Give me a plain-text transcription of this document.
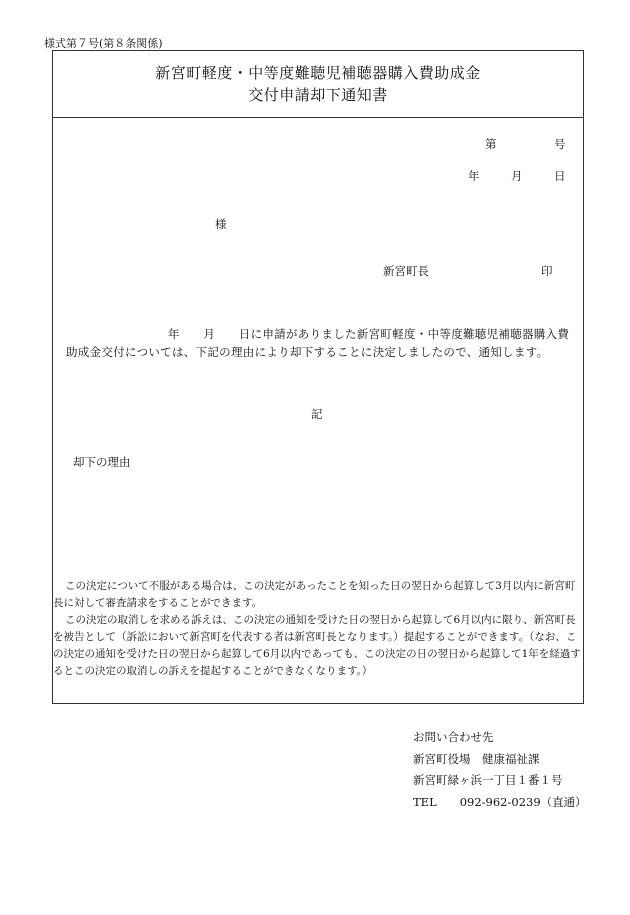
様式第７号(第８条関係)
新宮町軽度・中等度難聴児補聴器購入費助成金
交付申請却下通知書
第	号
年	月	日
様
新宮町長	印
年　　月　　日に申請がありました新宮町軽度・中等度難聴児補聴器購入費助成金交付については、下記の理由により却下することに決定しましたので、通知します。
記
却下の理由
この決定について不服がある場合は、この決定があったことを知った日の翌日から起算して3月以内に新宮町長に対して審査請求をすることができます。
この決定の取消しを求める訴えは、この決定の通知を受けた日の翌日から起算して6月以内に限り、新宮町長を被告として（訴訟において新宮町を代表する者は新宮町長となります。）提起することができます。（なお、この決定の通知を受けた日の翌日から起算して6月以内であっても、この決定の日の翌日から起算して1年を経過するとこの決定の取消しの訴えを提起することができなくなります。）
お問い合わせ先
新宮町役場　健康福祉課
新宮町緑ヶ浜一丁目１番１号
TEL　　092-962-0239（直通）
